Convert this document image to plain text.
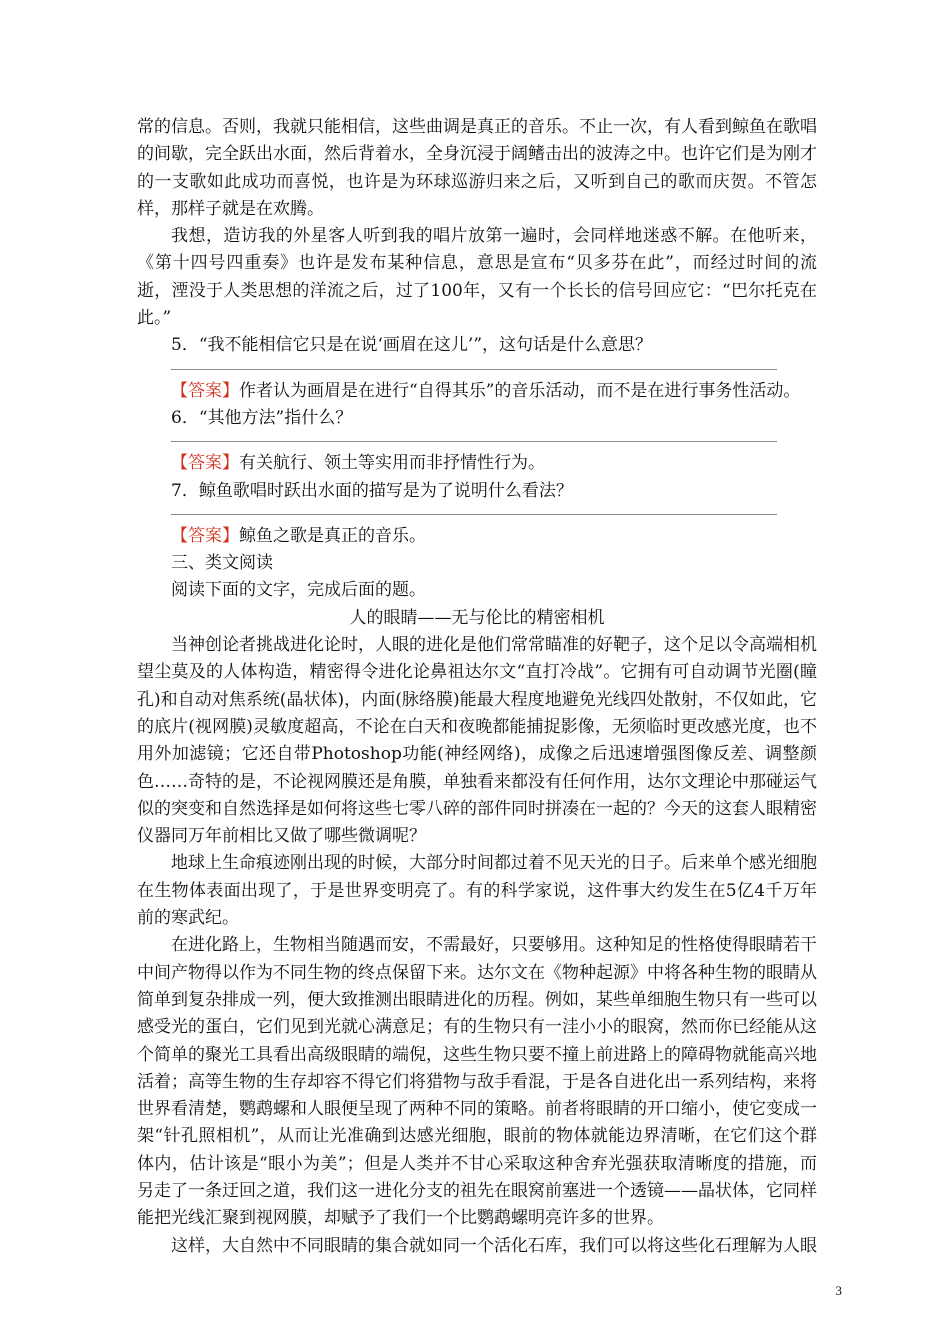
常的信息。否则，我就只能相信，这些曲调是真正的音乐。不止一次，有人看到鲸鱼在歌唱的间歇，完全跃出水面，然后背着水，全身沉浸于阔鳍击出的波涛之中。也许它们是为刚才的一支歌如此成功而喜悦，也许是为环球巡游归来之后，又听到自己的歌而庆贺。不管怎样，那样子就是在欢腾。

我想，造访我的外星客人听到我的唱片放第一遍时，会同样地迷惑不解。在他听来，《第十四号四重奏》也许是发布某种信息，意思是宣布“贝多芬在此”，而经过时间的流逝，湮没于人类思想的洋流之后，过了100年，又有一个长长的信号回应它：“巴尔托克在此。”

5．“我不能相信它只是在说‘画眉在这儿’”，这句话是什么意思？

【答案】作者认为画眉是在进行“自得其乐”的音乐活动，而不是在进行事务性活动。

6．“其他方法”指什么？

【答案】有关航行、领土等实用而非抒情性行为。

7．鲸鱼歌唱时跃出水面的描写是为了说明什么看法？

【答案】鲸鱼之歌是真正的音乐。

三、类文阅读

阅读下面的文字，完成后面的题。

人的眼睛——无与伦比的精密相机

当神创论者挑战进化论时，人眼的进化是他们常常瞄准的好靶子，这个足以令高端相机望尘莫及的人体构造，精密得令进化论鼻祖达尔文“直打冷战”。它拥有可自动调节光圈(瞳孔)和自动对焦系统(晶状体)，内面(脉络膜)能最大程度地避免光线四处散射，不仅如此，它的底片(视网膜)灵敏度超高，不论在白天和夜晚都能捕捉影像，无须临时更改感光度，也不用外加滤镜；它还自带Photoshop功能(神经网络)，成像之后迅速增强图像反差、调整颜色……奇特的是，不论视网膜还是角膜，单独看来都没有任何作用，达尔文理论中那碰运气似的突变和自然选择是如何将这些七零八碎的部件同时拼凑在一起的？今天的这套人眼精密仪器同万年前相比又做了哪些微调呢？

地球上生命痕迹刚出现的时候，大部分时间都过着不见天光的日子。后来单个感光细胞在生物体表面出现了，于是世界变明亮了。有的科学家说，这件事大约发生在5亿4千万年前的寒武纪。

在进化路上，生物相当随遇而安，不需最好，只要够用。这种知足的性格使得眼睛若干中间产物得以作为不同生物的终点保留下来。达尔文在《物种起源》中将各种生物的眼睛从简单到复杂排成一列，便大致推测出眼睛进化的历程。例如，某些单细胞生物只有一些可以感受光的蛋白，它们见到光就心满意足；有的生物只有一洼小小的眼窝，然而你已经能从这个简单的聚光工具看出高级眼睛的端倪，这些生物只要不撞上前进路上的障碍物就能高兴地活着；高等生物的生存却容不得它们将猎物与敌手看混，于是各自进化出一系列结构，来将世界看清楚，鹦鹉螺和人眼便呈现了两种不同的策略。前者将眼睛的开口缩小，使它变成一架“针孔照相机”，从而让光准确到达感光细胞，眼前的物体就能边界清晰，在它们这个群体内，估计该是“眼小为美”；但是人类并不甘心采取这种舍弃光强获取清晰度的措施，而另走了一条迂回之道，我们这一进化分支的祖先在眼窝前塞进一个透镜——晶状体，它同样能把光线汇聚到视网膜，却赋予了我们一个比鹦鹉螺明亮许多的世界。

这样，大自然中不同眼睛的集合就如同一个活化石库，我们可以将这些化石理解为人眼

3
